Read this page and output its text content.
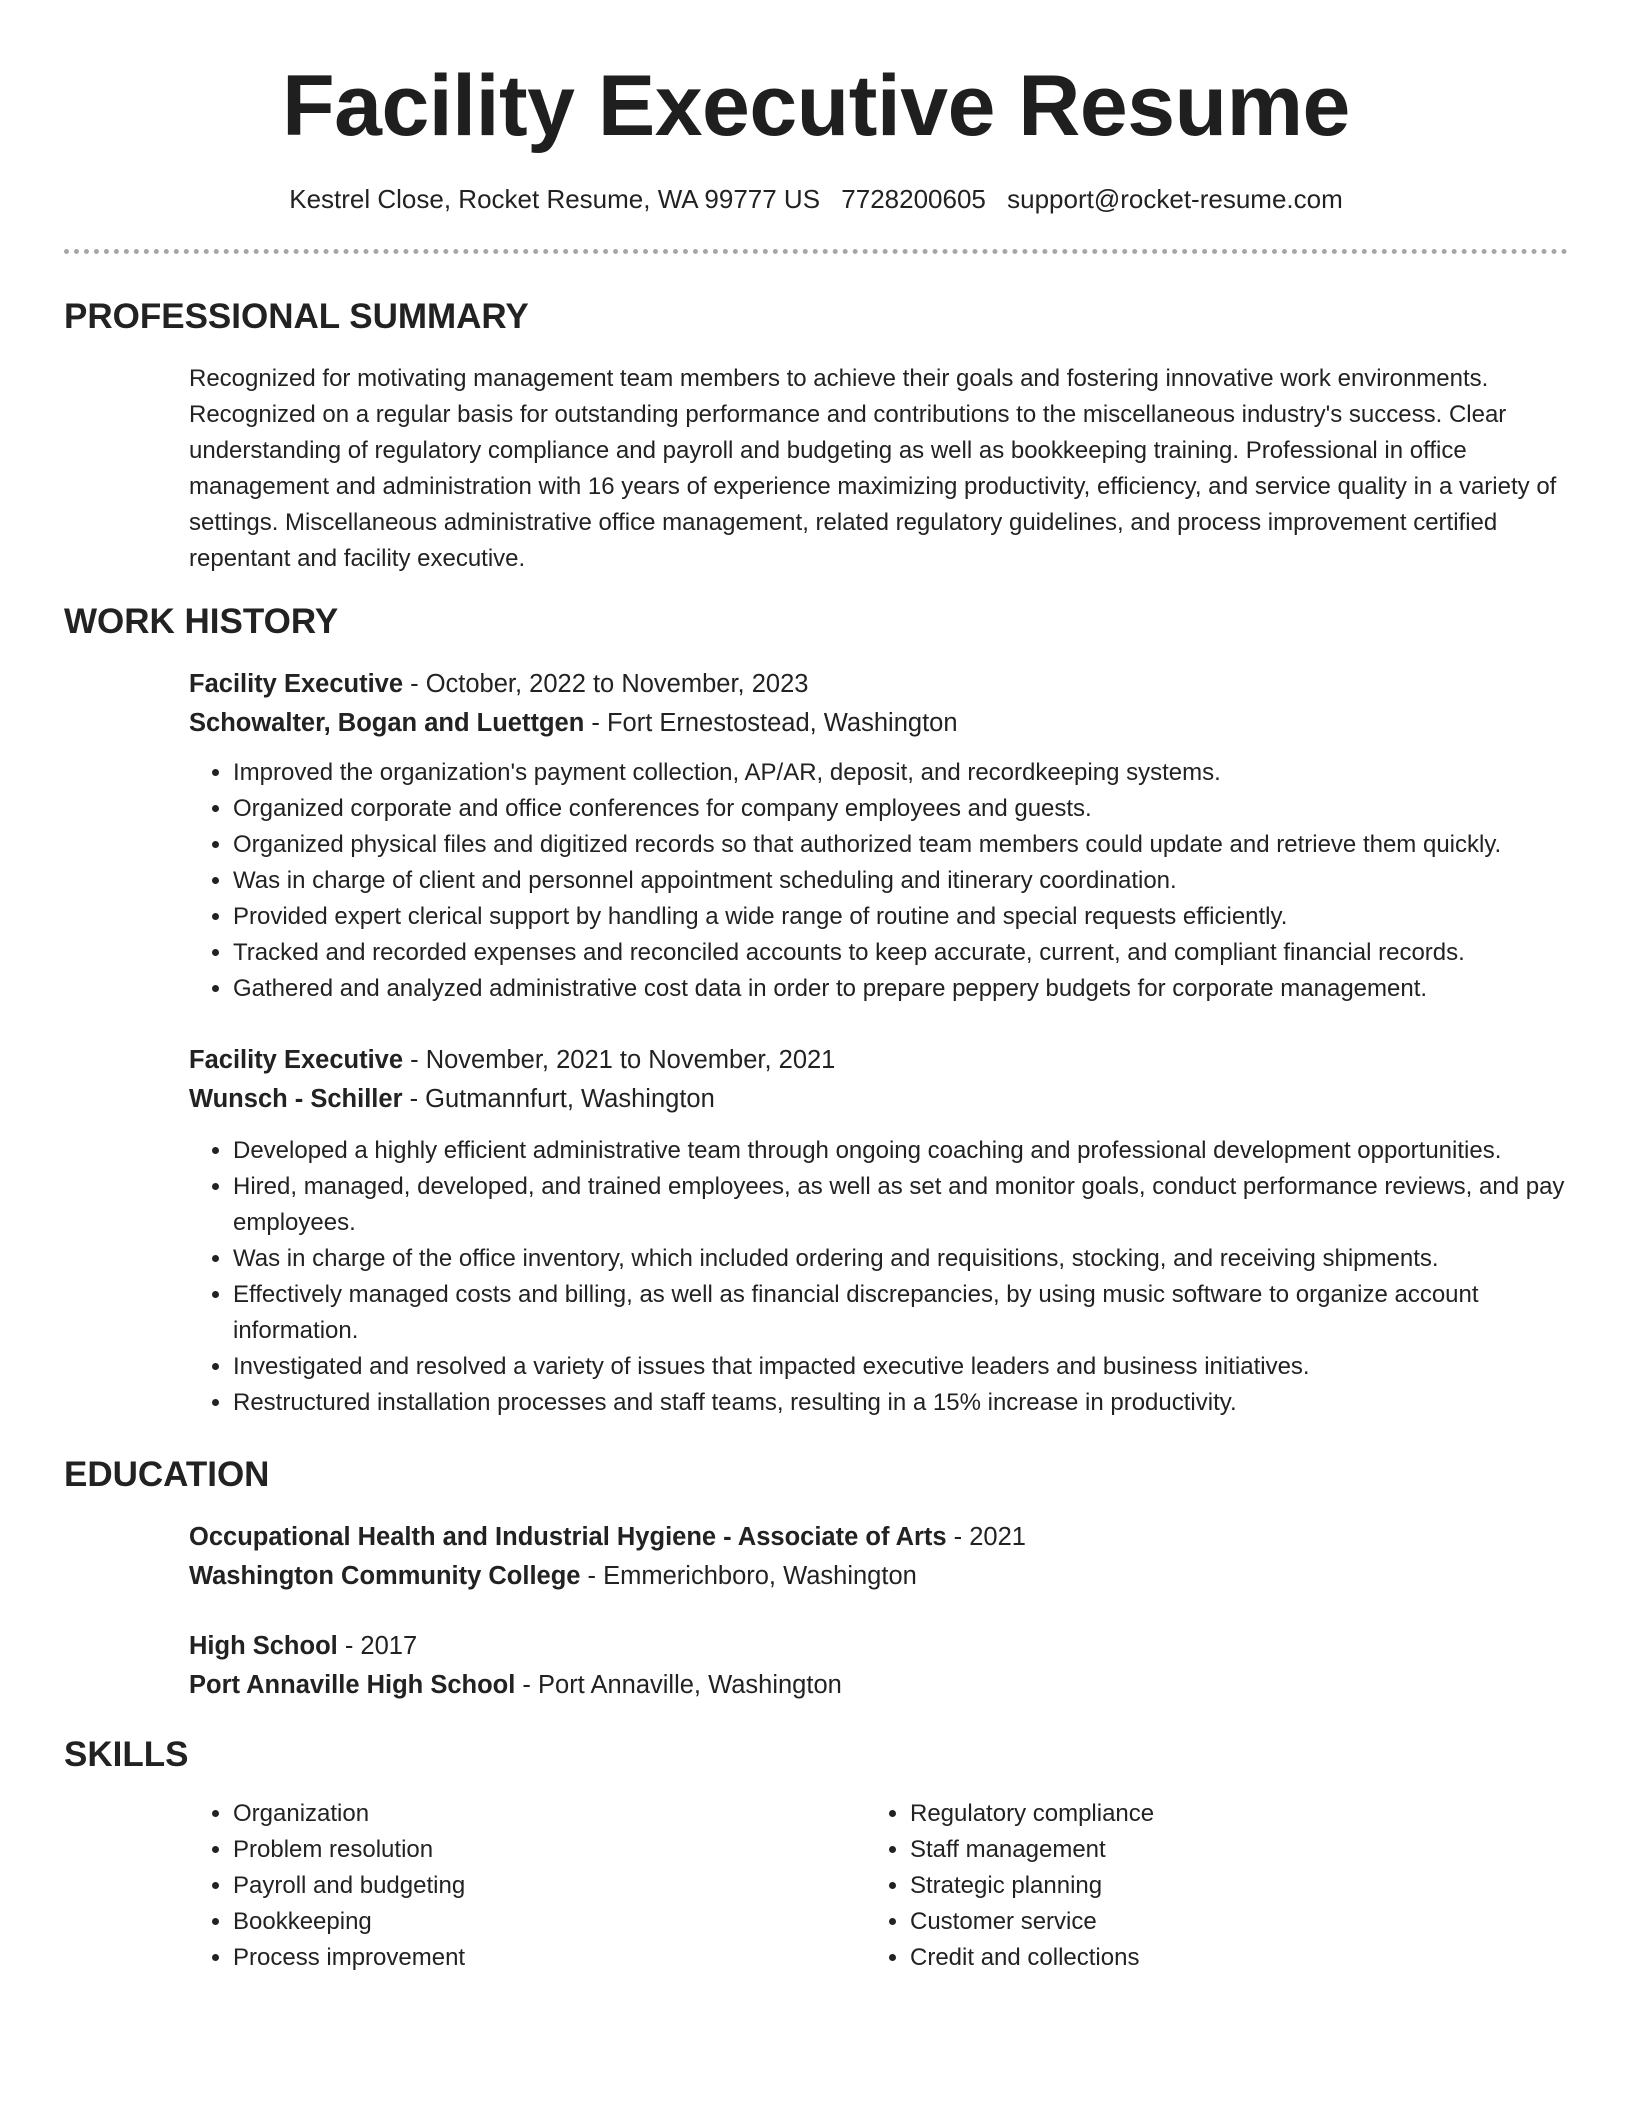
Facility Executive Resume
Kestrel Close, Rocket Resume, WA 99777 US 7728200605 support@rocket-resume.com
PROFESSIONAL SUMMARY

Recognized for motivating management team members to achieve their goals and fostering innovative work environments. Recognized on a regular basis for outstanding performance and contributions to the miscellaneous industry's success. Clear understanding of regulatory compliance and payroll and budgeting as well as bookkeeping training. Professional in office management and administration with 16 years of experience maximizing productivity, efficiency, and service quality in a variety of settings. Miscellaneous administrative office management, related regulatory guidelines, and process improvement certified repentant and facility executive.

WORK HISTORY
Facility Executive - October, 2022 to November, 2023
Schowalter, Bogan and Luettgen - Fort Ernestostead, Washington
• Improved the organization's payment collection, AP/AR, deposit, and recordkeeping systems.
• Organized corporate and office conferences for company employees and guests.
• Organized physical files and digitized records so that authorized team members could update and retrieve them quickly.
• Was in charge of client and personnel appointment scheduling and itinerary coordination.
• Provided expert clerical support by handling a wide range of routine and special requests efficiently.
• Tracked and recorded expenses and reconciled accounts to keep accurate, current, and compliant financial records.
• Gathered and analyzed administrative cost data in order to prepare peppery budgets for corporate management.
Facility Executive - November, 2021 to November, 2021
Wunsch - Schiller - Gutmannfurt, Washington
• Developed a highly efficient administrative team through ongoing coaching and professional development opportunities.
• Hired, managed, developed, and trained employees, as well as set and monitor goals, conduct performance reviews, and pay employees.
• Was in charge of the office inventory, which included ordering and requisitions, stocking, and receiving shipments.
• Effectively managed costs and billing, as well as financial discrepancies, by using music software to organize account information.
• Investigated and resolved a variety of issues that impacted executive leaders and business initiatives.
• Restructured installation processes and staff teams, resulting in a 15% increase in productivity.
EDUCATION
Occupational Health and Industrial Hygiene - Associate of Arts - 2021
Washington Community College - Emmerichboro, Washington
High School - 2017
Port Annaville High School - Port Annaville, Washington
SKILLS
• Organization
• Problem resolution
• Payroll and budgeting
• Bookkeeping
• Process improvement
• Regulatory compliance
• Staff management
• Strategic planning
• Customer service
• Credit and collections
